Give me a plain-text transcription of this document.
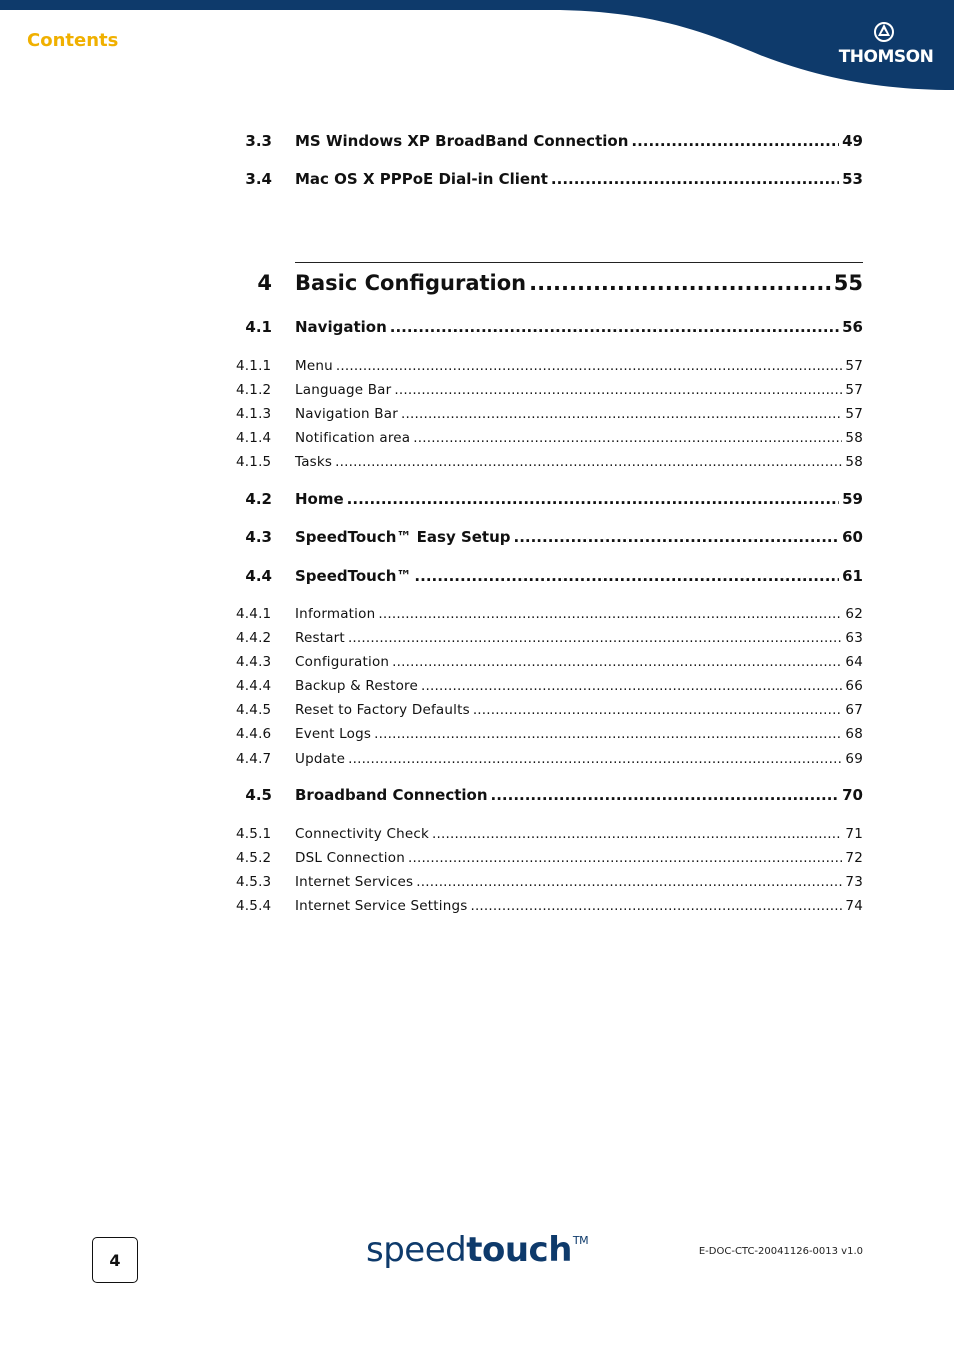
Contents
THOMSON
3.3 MS Windows XP BroadBand Connection .....	49
3.4 Mac OS X PPPoE Dial-in Client .....	53
4 Basic Configuration .....	55
4.1 Navigation .....	56
4.1.1 Menu .....	57
4.1.2 Language Bar .....	57
4.1.3 Navigation Bar .....	57
4.1.4 Notification area .....	58
4.1.5 Tasks .....	58
4.2 Home .....	59
4.3 SpeedTouch™ Easy Setup .....	60
4.4 SpeedTouch™ .....	61
4.4.1 Information .....	62
4.4.2 Restart .....	63
4.4.3 Configuration .....	64
4.4.4 Backup & Restore .....	66
4.4.5 Reset to Factory Defaults .....	67
4.4.6 Event Logs .....	68
4.4.7 Update .....	69
4.5 Broadband Connection .....	70
4.5.1 Connectivity Check .....	71
4.5.2 DSL Connection .....	72
4.5.3 Internet Services .....	73
4.5.4 Internet Service Settings .....	74
4	speedtouch™
E-DOC-CTC-20041126-0013 v1.0
